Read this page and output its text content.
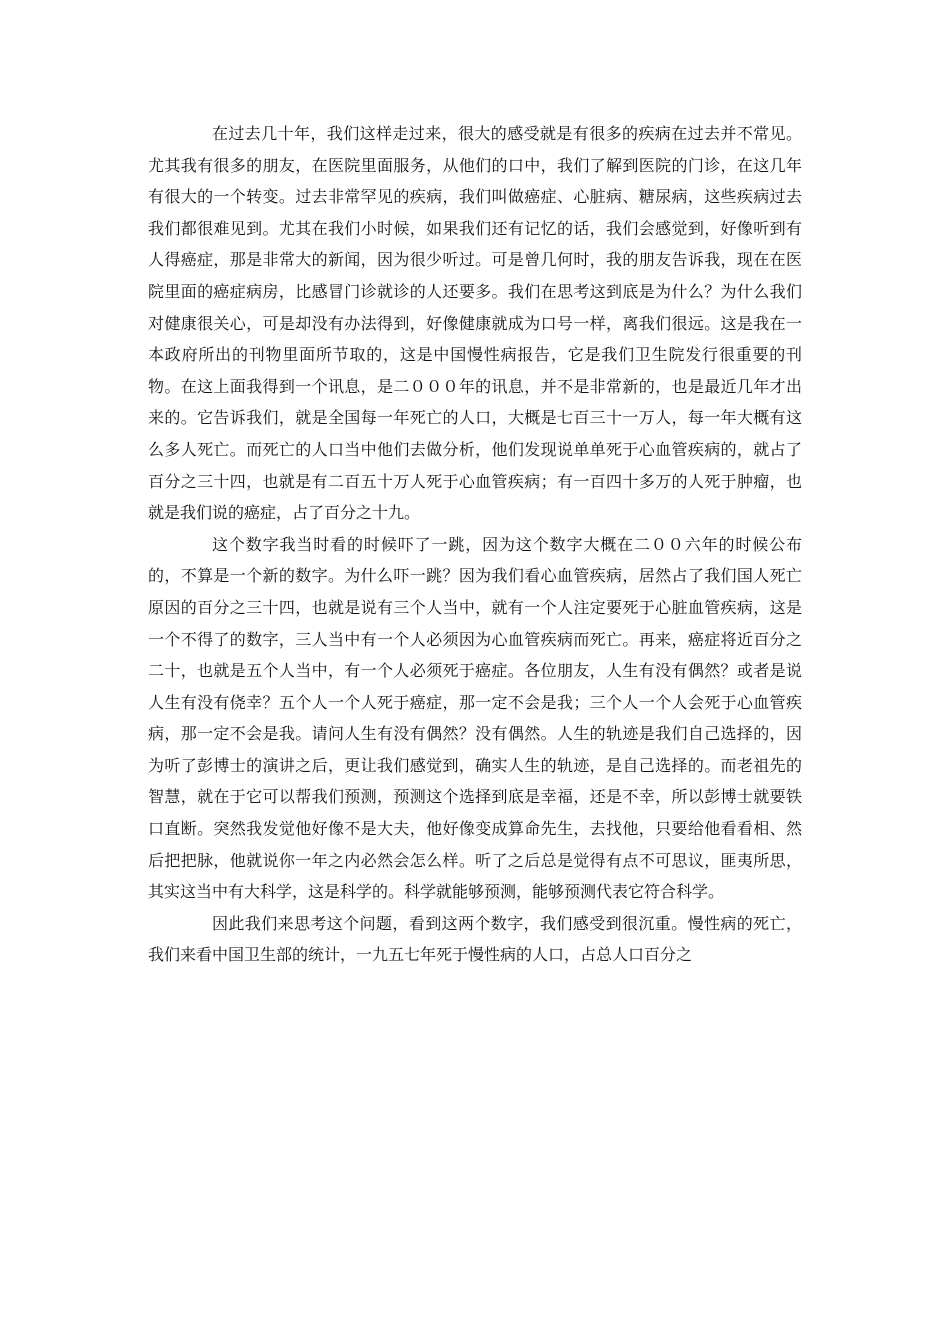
在过去几十年，我们这样走过来，很大的感受就是有很多的疾病在过去并不常见。尤其我有很多的朋友，在医院里面服务，从他们的口中，我们了解到医院的门诊，在这几年有很大的一个转变。过去非常罕见的疾病，我们叫做癌症、心脏病、糖尿病，这些疾病过去我们都很难见到。尤其在我们小时候，如果我们还有记忆的话，我们会感觉到，好像听到有人得癌症，那是非常大的新闻，因为很少听过。可是曾几何时，我的朋友告诉我，现在在医院里面的癌症病房，比感冒门诊就诊的人还要多。我们在思考这到底是为什么？为什么我们对健康很关心，可是却没有办法得到，好像健康就成为口号一样，离我们很远。这是我在一本政府所出的刊物里面所节取的，这是中国慢性病报告，它是我们卫生院发行很重要的刊物。在这上面我得到一个讯息，是二０００年的讯息，并不是非常新的，也是最近几年才出来的。它告诉我们，就是全国每一年死亡的人口，大概是七百三十一万人，每一年大概有这么多人死亡。而死亡的人口当中他们去做分析，他们发现说单单死于心血管疾病的，就占了百分之三十四，也就是有二百五十万人死于心血管疾病；有一百四十多万的人死于肿瘤，也就是我们说的癌症，占了百分之十九。

这个数字我当时看的时候吓了一跳，因为这个数字大概在二００六年的时候公布的，不算是一个新的数字。为什么吓一跳？因为我们看心血管疾病，居然占了我们国人死亡原因的百分之三十四，也就是说有三个人当中，就有一个人注定要死于心脏血管疾病，这是一个不得了的数字，三人当中有一个人必须因为心血管疾病而死亡。再来，癌症将近百分之二十，也就是五个人当中，有一个人必须死于癌症。各位朋友，人生有没有偶然？或者是说人生有没有侥幸？五个人一个人死于癌症，那一定不会是我；三个人一个人会死于心血管疾病，那一定不会是我。请问人生有没有偶然？没有偶然。人生的轨迹是我们自己选择的，因为听了彭博士的演讲之后，更让我们感觉到，确实人生的轨迹，是自己选择的。而老祖先的智慧，就在于它可以帮我们预测，预测这个选择到底是幸福，还是不幸，所以彭博士就要铁口直断。突然我发觉他好像不是大夫，他好像变成算命先生，去找他，只要给他看看相、然后把把脉，他就说你一年之内必然会怎么样。听了之后总是觉得有点不可思议，匪夷所思，其实这当中有大科学，这是科学的。科学就能够预测，能够预测代表它符合科学。

因此我们来思考这个问题，看到这两个数字，我们感受到很沉重。慢性病的死亡，我们来看中国卫生部的统计，一九五七年死于慢性病的人口，占总人口百分之
